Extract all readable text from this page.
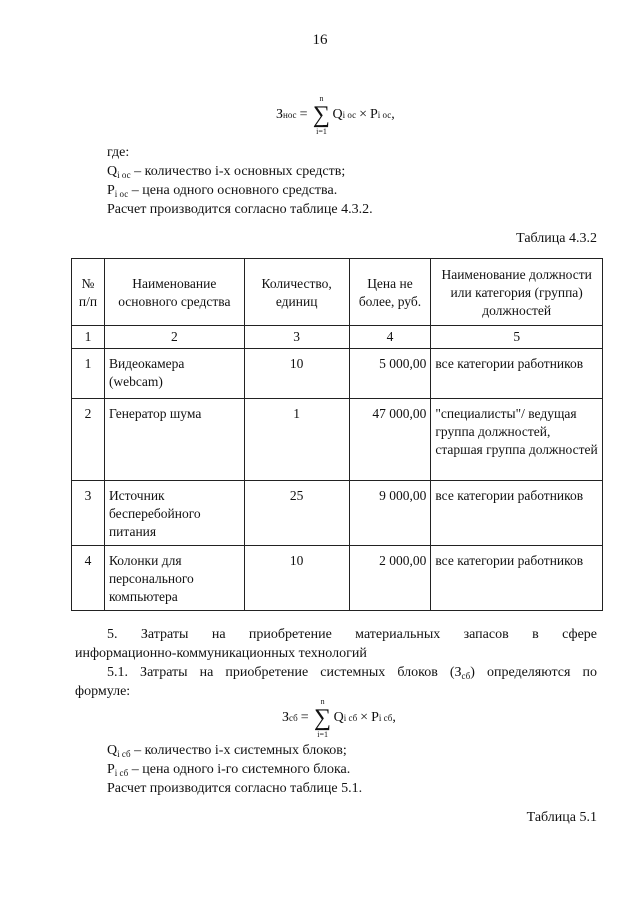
16
З нос =
n
∑
i=1
Q i ос × P i ос ,
где:
$Q_{i ос}$ – количество i-х основных средств;
$P_{i ос}$ – цена одного основного средства.
Расчет производится согласно таблице 4.3.2.
Таблица 4.3.2
№ п/п	Наименование основного средства	Количество, единиц	Цена не более, руб.	Наименование должности или категория (группа) должностей
1	2	3	4	5
1	Видеокамера (webcam)	10	5 000,00	все категории работников
2	Генератор шума	1	47 000,00	"специалисты"/ ведущая группа должностей, старшая группа должностей
3	Источник бесперебойного питания	25	9 000,00	все категории работников
4	Колонки для персонального компьютера	10	2 000,00	все категории работников
5. Затраты на приобретение материальных запасов в сфере
информационно-коммуникационных технологий
5.1. Затраты на приобретение системных блоков $(З_{сб})$ определяются по
формуле:
З сб =
n
∑
i=1
Q i сб × P i сб ,
$Q_{i сб}$ – количество i-х системных блоков;
$P_{i сб}$ – цена одного i-го системного блока.
Расчет производится согласно таблице 5.1.
Таблица 5.1
